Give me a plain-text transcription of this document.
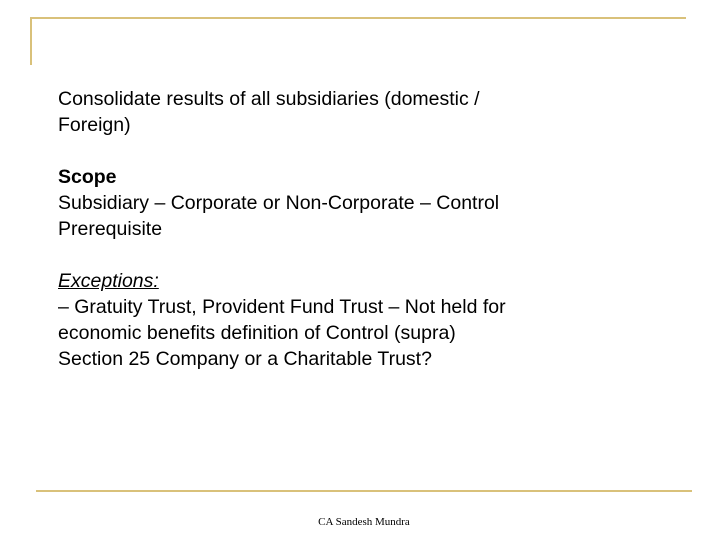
Consolidate results of all subsidiaries (domestic /
Foreign)
Scope
Subsidiary – Corporate or Non-Corporate – Control
Prerequisite
Exceptions:
– Gratuity Trust, Provident Fund Trust – Not held for
economic benefits definition of Control (supra)
Section 25 Company or a Charitable Trust?
CA Sandesh Mundra
